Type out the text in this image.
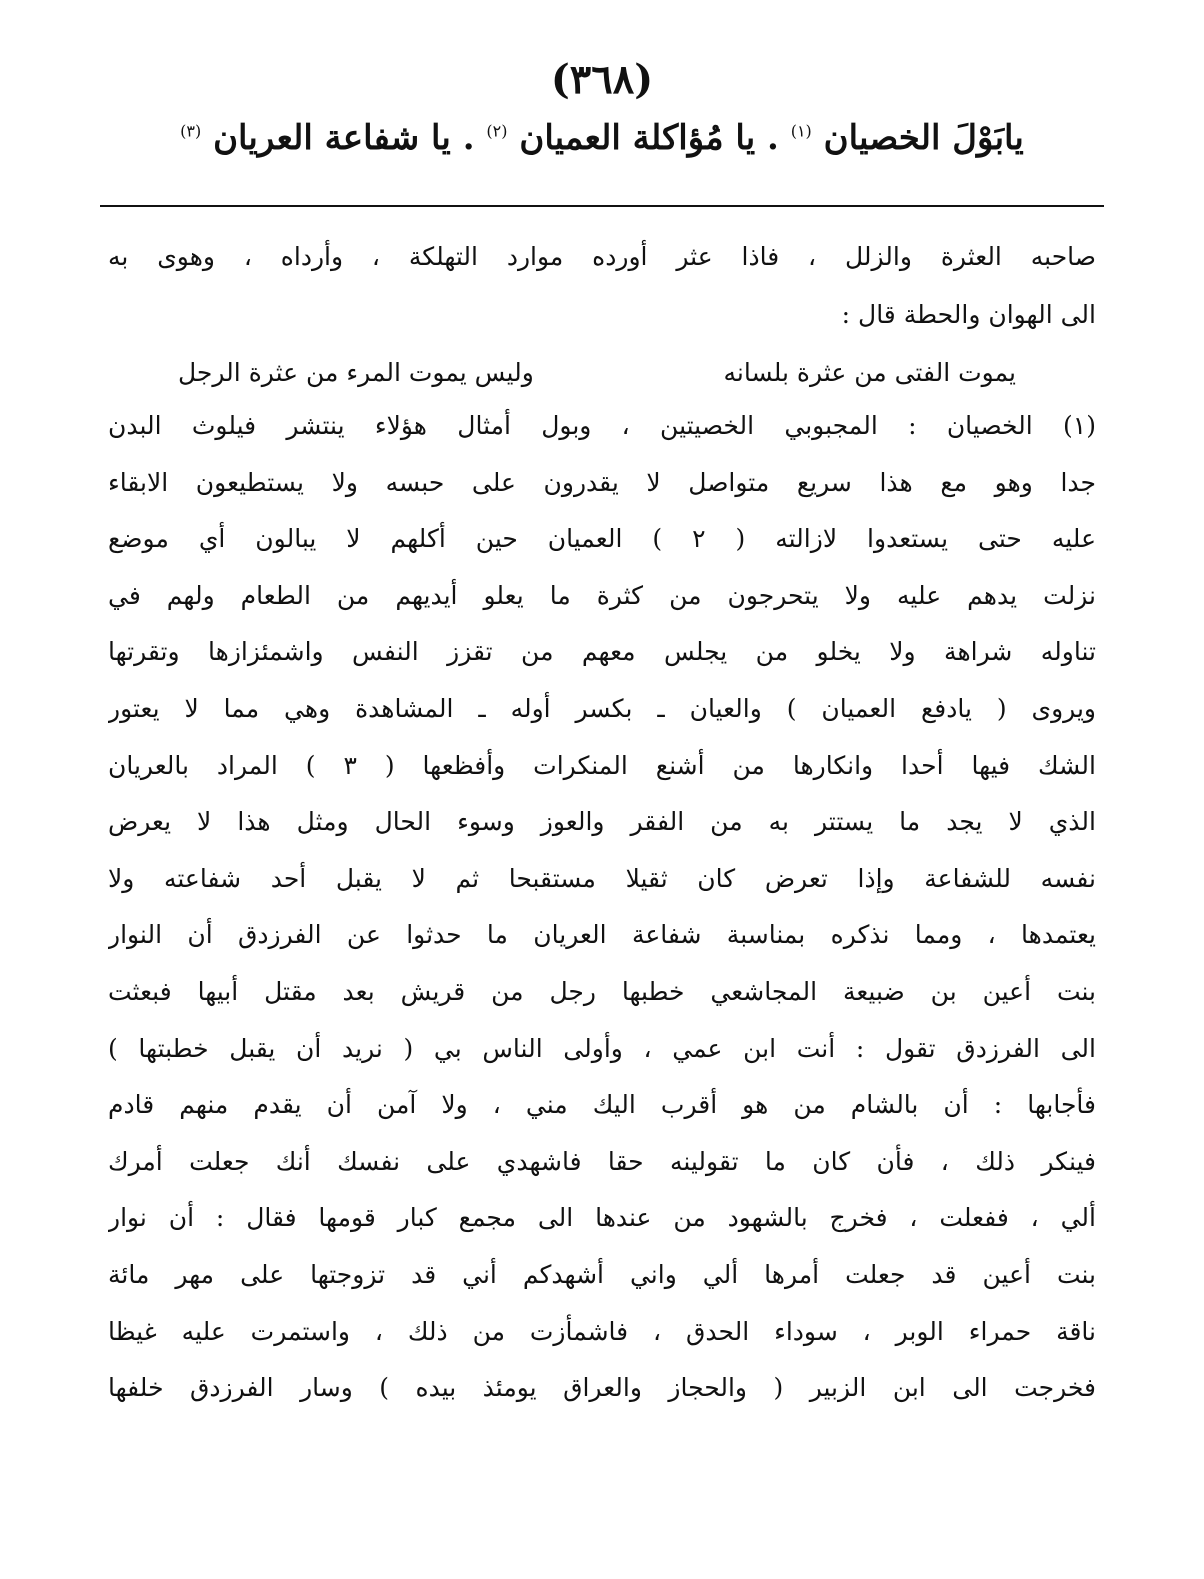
(٣٦٨)
يابَوْلَ الخصيان $^{(١)}$ . يا مُؤاكلة العميان $^{(٢)}$ . يا شفاعة العريان $^{(٣)}$
صاحبه العثرة والزلل ، فاذا عثر أورده موارد التهلكة ، وأرداه ، وهوى به
الى الهوان والحطة قال :
يموت الفتى من عثرة بلسانه
وليس يموت المرء من عثرة الرجل
(١) الخصيان : المجبوبي الخصيتين ، وبول أمثال هؤلاء ينتشر فيلوث البدن
جدا وهو مع هذا سريع متواصل لا يقدرون على حبسه ولا يستطيعون الابقاء
عليه حتى يستعدوا لازالته ( ٢ ) العميان حين أكلهم لا يبالون أي موضع
نزلت يدهم عليه ولا يتحرجون من كثرة ما يعلو أيديهم من الطعام ولهم في
تناوله شراهة ولا يخلو من يجلس معهم من تقزز النفس واشمئزازها وتقرتها
ويروى ( يادفع العميان ) والعيان ـ بكسر أوله ـ المشاهدة وهي مما لا يعتور
الشك فيها أحدا وانكارها من أشنع المنكرات وأفظعها ( ٣ ) المراد بالعريان
الذي لا يجد ما يستتر به من الفقر والعوز وسوء الحال ومثل هذا لا يعرض
نفسه للشفاعة وإذا تعرض كان ثقيلا مستقبحا ثم لا يقبل أحد شفاعته ولا
يعتمدها ، ومما نذكره بمناسبة شفاعة العريان ما حدثوا عن الفرزدق أن النوار
بنت أعين بن ضبيعة المجاشعي خطبها رجل من قريش بعد مقتل أبيها فبعثت
الى الفرزدق تقول : أنت ابن عمي ، وأولى الناس بي ( نريد أن يقبل خطبتها )
فأجابها : أن بالشام من هو أقرب اليك مني ، ولا آمن أن يقدم منهم قادم
فينكر ذلك ، فأن كان ما تقولينه حقا فاشهدي على نفسك أنك جعلت أمرك
ألي ، ففعلت ، فخرج بالشهود من عندها الى مجمع كبار قومها فقال : أن نوار
بنت أعين قد جعلت أمرها ألي واني أشهدكم أني قد تزوجتها على مهر مائة
ناقة حمراء الوبر ، سوداء الحدق ، فاشمأزت من ذلك ، واستمرت عليه غيظا
فخرجت الى ابن الزبير ( والحجاز والعراق يومئذ بيده ) وسار الفرزدق خلفها
